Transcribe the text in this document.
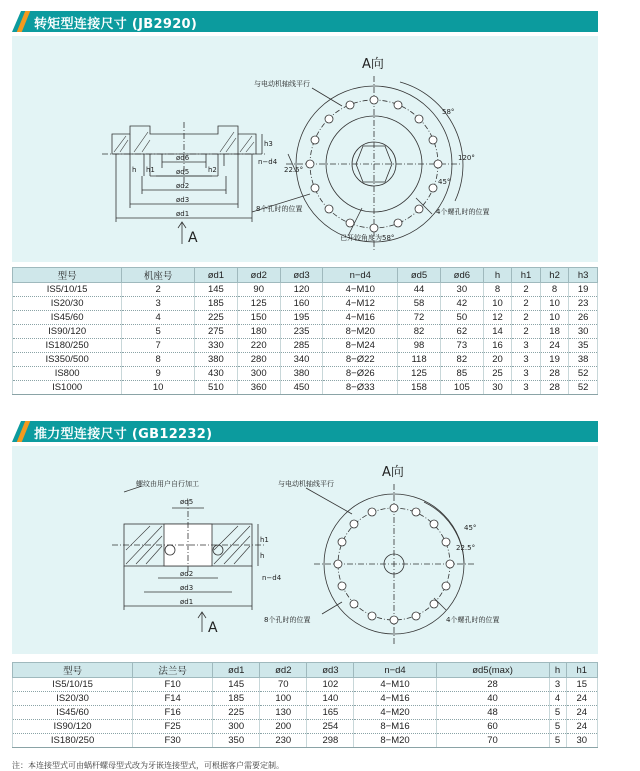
转矩型连接尺寸 (JB2920)
A向
A
与电动机轴线平行
8个孔时的位置	4个螺孔时的位置
已开铰角度为58°
22.5°
45°
120°
58°
ød6
ød5
ød2
ød3
ød1
n−d4
h3
h1	h2
h
型号	机座号	ød1	ød2	ød3	n−d4	ød5	ød6	h	h1	h2	h3
IS5/10/15	2	145	90	120	4−M10	44	30	8	2	8	19
IS20/30	3	185	125	160	4−M12	58	42	10	2	10	23
IS45/60	4	225	150	195	4−M16	72	50	12	2	10	26
IS90/120	5	275	180	235	8−M20	82	62	14	2	18	30
IS180/250	7	330	220	285	8−M24	98	73	16	3	24	35
IS350/500	8	380	280	340	8−Ø22	118	82	20	3	19	38
IS800	9	430	300	380	8−Ø26	125	85	25	3	28	52
IS1000	10	510	360	450	8−Ø33	158	105	30	3	28	52
推力型连接尺寸 (GB12232)
A向
A
螺纹由用户自行加工	与电动机轴线平行
8个孔时的位置	4个螺孔时的位置
45°
22.5°
ød5
ød2
ød3
ød1
n−d4
h1
h
型号	法兰号	ød1	ød2	ød3	n−d4	ød5(max)	h	h1
IS5/10/15	F10	145	70	102	4−M10	28	3	15
IS20/30	F14	185	100	140	4−M16	40	4	24
IS45/60	F16	225	130	165	4−M20	48	5	24
IS90/120	F25	300	200	254	8−M16	60	5	24
IS180/250	F30	350	230	298	8−M20	70	5	30
注：本连接型式可由蜗杆螺母型式改为牙嵌连接型式，可根据客户需要定制。
